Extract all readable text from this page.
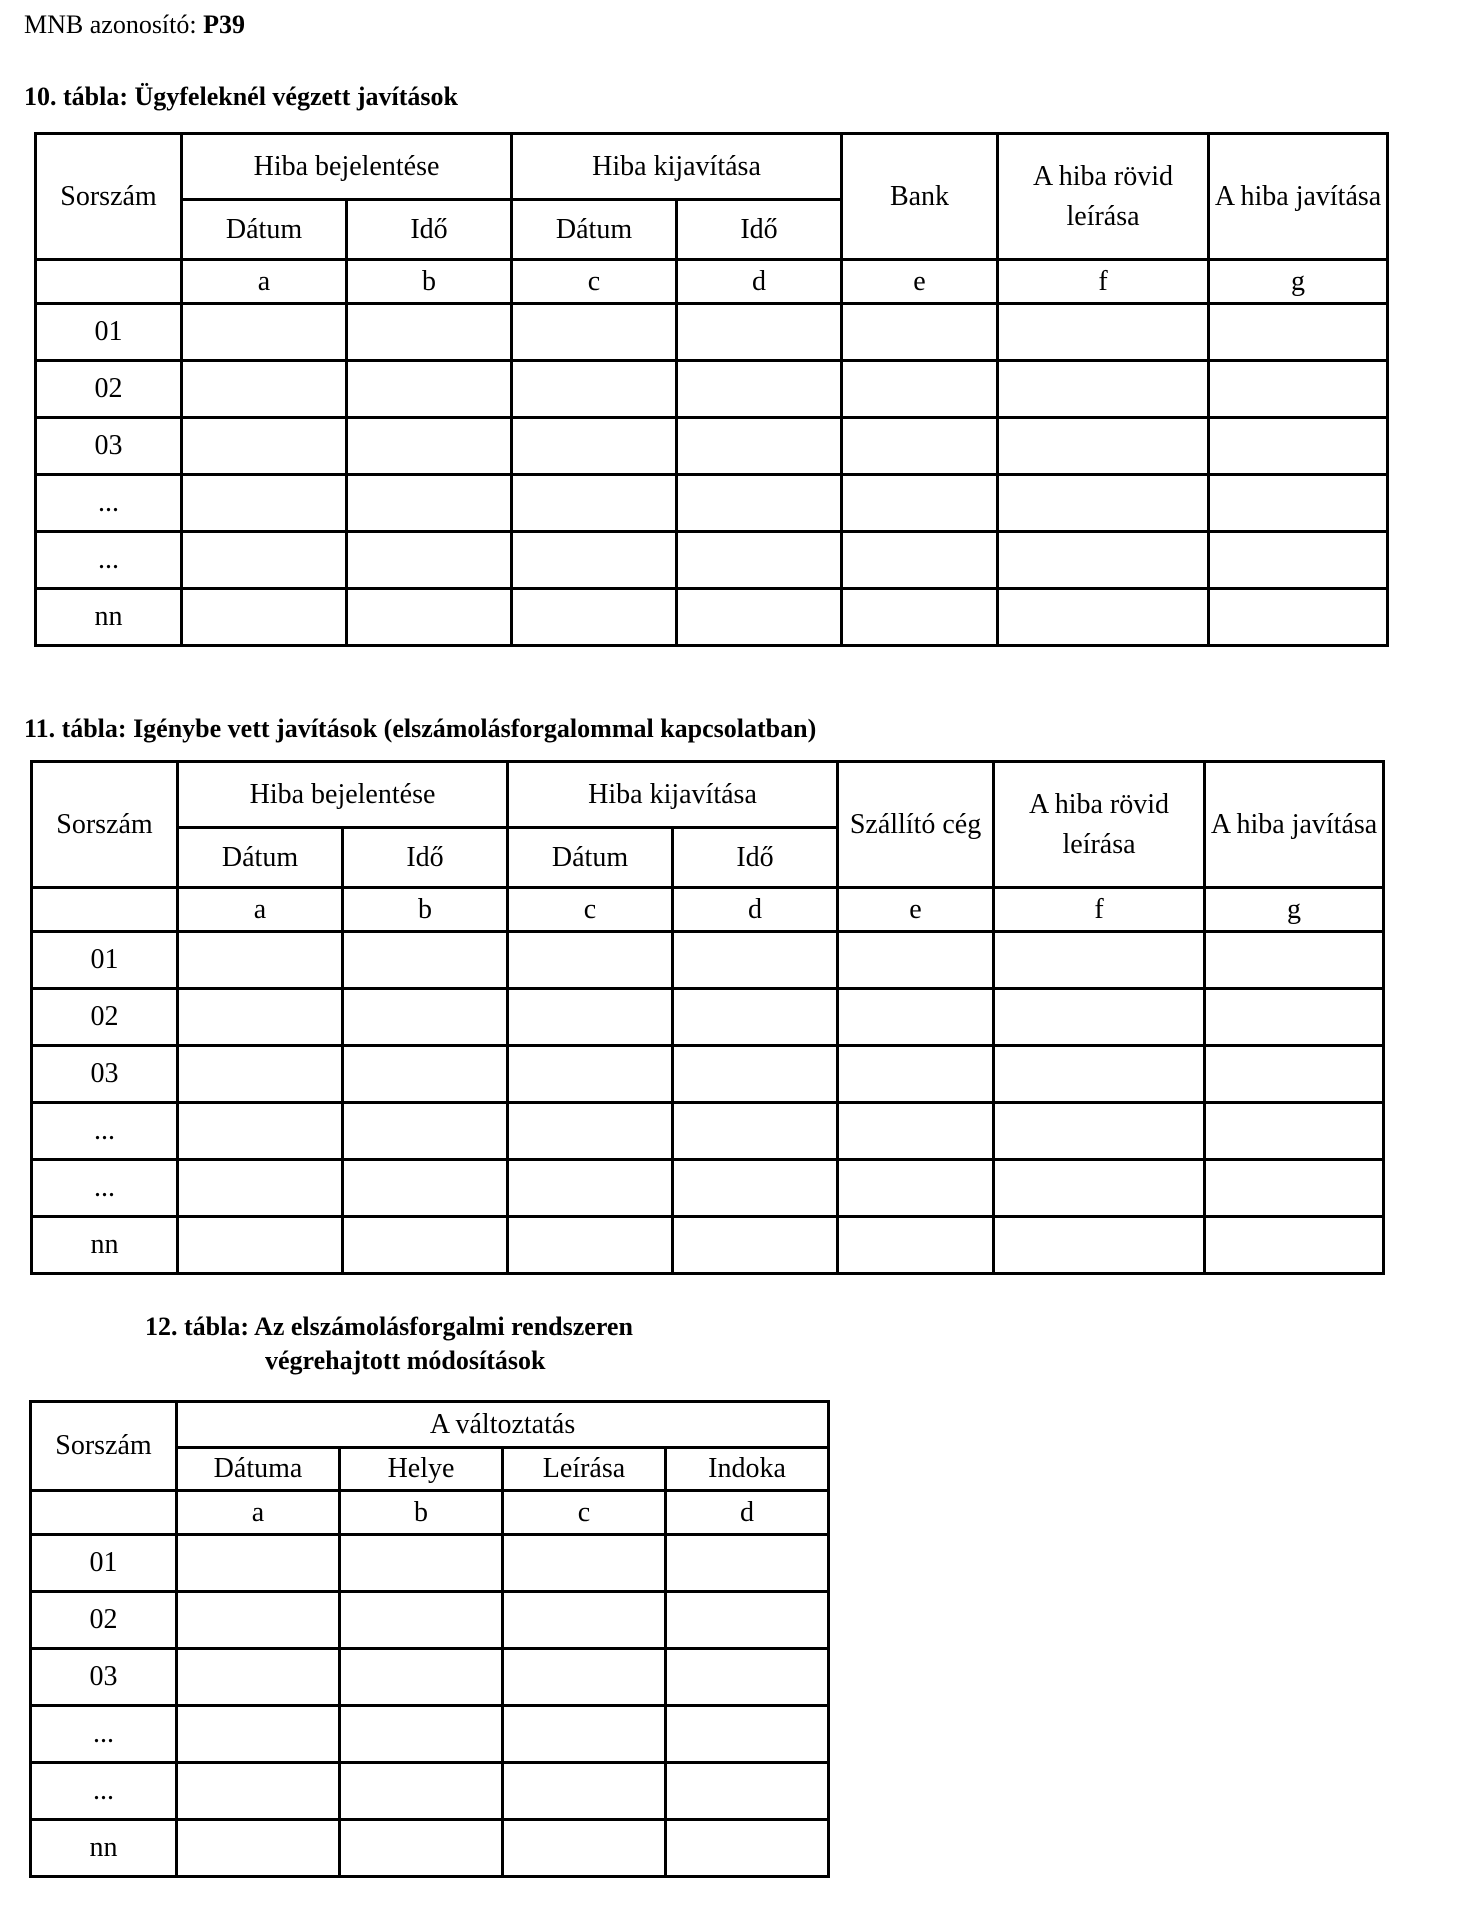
MNB azonosító: P39
10. tábla: Ügyfeleknél végzett javítások
Sorszám	Hiba bejelentése		Hiba kijavítása		Bank	A hiba rövid leírása	A hiba javítása
	Dátum	Idő	Dátum	Idő			
	a	b	c	d	e	f	g
01							
02							
03							
...							
...							
nn							
11. tábla: Igénybe vett javítások (elszámolásforgalommal kapcsolatban)
Sorszám	Hiba bejelentése		Hiba kijavítása		Szállító cég	A hiba rövid leírása	A hiba javítása
	Dátum	Idő	Dátum	Idő			
	a	b	c	d	e	f	g
01							
02							
03							
...							
...							
nn							
12. tábla: Az elszámolásforgalmi rendszeren
végrehajtott módosítások
Sorszám	A változtatás			
	Dátuma	Helye	Leírása	Indoka
	a	b	c	d
01				
02				
03				
...				
...				
nn				
